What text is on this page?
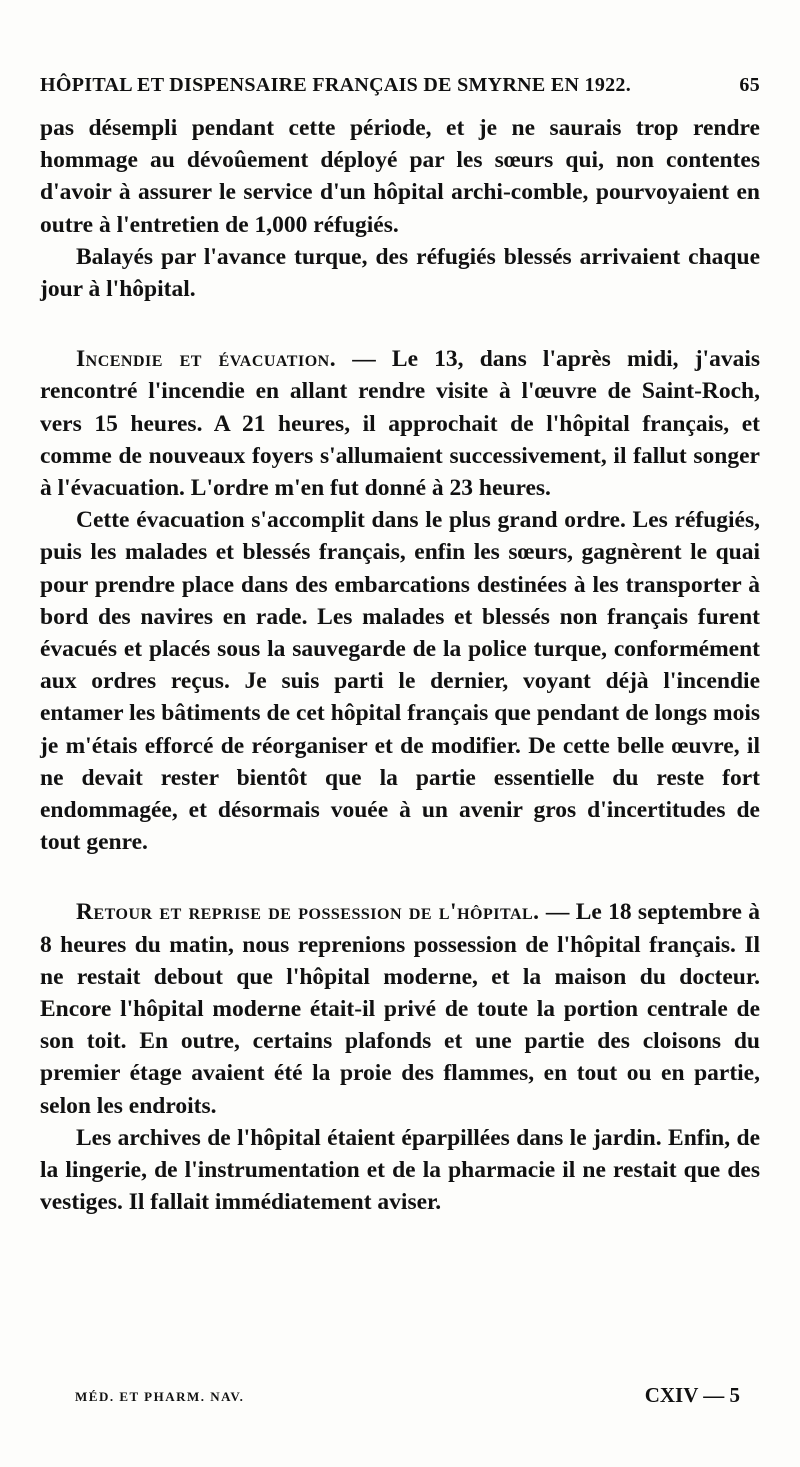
HÔPITAL ET DISPENSAIRE FRANÇAIS DE SMYRNE EN 1922.	65

pas désempli pendant cette période, et je ne saurais trop rendre hommage au dévoûement déployé par les sœurs qui, non contentes d'avoir à assurer le service d'un hôpital archi-comble, pourvoyaient en outre à l'entretien de 1,000 réfugiés.

Balayés par l'avance turque, des réfugiés blessés arrivaient chaque jour à l'hôpital.

Incendie et évacuation. — Le 13, dans l'après midi, j'avais rencontré l'incendie en allant rendre visite à l'œuvre de Saint-Roch, vers 15 heures. A 21 heures, il approchait de l'hôpital français, et comme de nouveaux foyers s'allumaient successivement, il fallut songer à l'évacuation. L'ordre m'en fut donné à 23 heures.

Cette évacuation s'accomplit dans le plus grand ordre. Les réfugiés, puis les malades et blessés français, enfin les sœurs, gagnèrent le quai pour prendre place dans des embarcations destinées à les transporter à bord des navires en rade. Les malades et blessés non français furent évacués et placés sous la sauvegarde de la police turque, conformément aux ordres reçus. Je suis parti le dernier, voyant déjà l'incendie entamer les bâtiments de cet hôpital français que pendant de longs mois je m'étais efforcé de réorganiser et de modifier. De cette belle œuvre, il ne devait rester bientôt que la partie essentielle du reste fort endommagée, et désormais vouée à un avenir gros d'incertitudes de tout genre.

Retour et reprise de possession de l'hôpital. — Le 18 septembre à 8 heures du matin, nous reprenions possession de l'hôpital français. Il ne restait debout que l'hôpital moderne, et la maison du docteur. Encore l'hôpital moderne était-il privé de toute la portion centrale de son toit. En outre, certains plafonds et une partie des cloisons du premier étage avaient été la proie des flammes, en tout ou en partie, selon les endroits.

Les archives de l'hôpital étaient éparpillées dans le jardin. Enfin, de la lingerie, de l'instrumentation et de la pharmacie il ne restait que des vestiges. Il fallait immédiatement aviser.

MÉD. ET PHARM. NAV.	CXIV — 5
